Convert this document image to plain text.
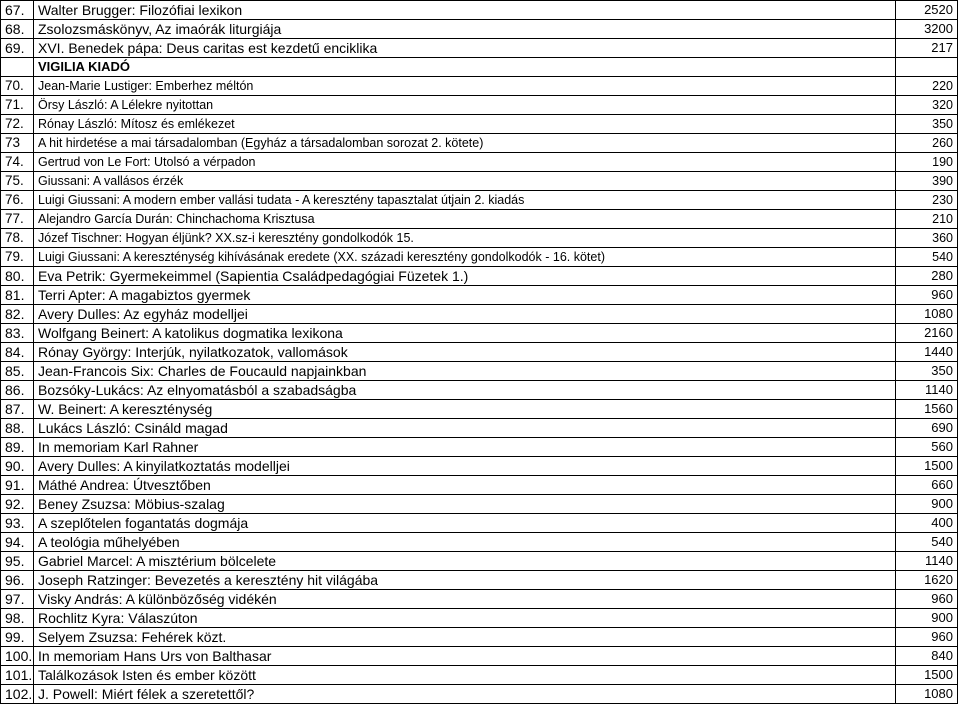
67.	Walter Brugger: Filozófiai lexikon	2520
68.	Zsolozsmáskönyv, Az imaórák liturgiája	3200
69.	XVI. Benedek pápa: Deus caritas est kezdetű enciklika	217
	VIGILIA KIADÓ	
70.	Jean-Marie Lustiger: Emberhez méltón	220
71.	Örsy László: A Lélekre nyitottan	320
72.	Rónay László: Mítosz és emlékezet	350
73	A hit hirdetése a mai társadalomban (Egyház a társadalomban sorozat 2. kötete)	260
74.	Gertrud von Le Fort: Utolsó a vérpadon	190
75.	Giussani: A vallásos érzék	390
76.	Luigi Giussani: A modern ember vallási tudata - A keresztény tapasztalat útjain 2. kiadás	230
77.	Alejandro García Durán: Chinchachoma Krisztusa	210
78.	Józef Tischner: Hogyan éljünk? XX.sz-i keresztény gondolkodók 15.	360
79.	Luigi Giussani: A kereszténység kihívásának eredete (XX. századi keresztény gondolkodók - 16. kötet)	540
80.	Eva Petrik: Gyermekeimmel (Sapientia Családpedagógiai Füzetek 1.)	280
81.	Terri Apter: A magabiztos gyermek	960
82.	Avery Dulles: Az egyház modelljei	1080
83.	Wolfgang Beinert: A katolikus dogmatika lexikona	2160
84.	Rónay György: Interjúk, nyilatkozatok, vallomások	1440
85.	Jean-Francois Six: Charles de Foucauld napjainkban	350
86.	Bozsóky-Lukács: Az elnyomatásból a szabadságba	1140
87.	W. Beinert: A kereszténység	1560
88.	Lukács László: Csináld magad	690
89.	In memoriam Karl Rahner	560
90.	Avery Dulles: A kinyilatkoztatás modelljei	1500
91.	Máthé Andrea: Útvesztőben	660
92.	Beney Zsuzsa: Möbius-szalag	900
93.	A szeplőtelen fogantatás dogmája	400
94.	A teológia műhelyében	540
95.	Gabriel Marcel: A misztérium bölcelete	1140
96.	Joseph Ratzinger: Bevezetés a keresztény hit világába	1620
97.	Visky András: A különbözőség vidékén	960
98.	Rochlitz Kyra: Válaszúton	900
99.	Selyem Zsuzsa: Fehérek közt.	960
100.	In memoriam Hans Urs von Balthasar	840
101.	Találkozások Isten és ember között	1500
102.	J. Powell: Miért félek a szeretettől?	1080
